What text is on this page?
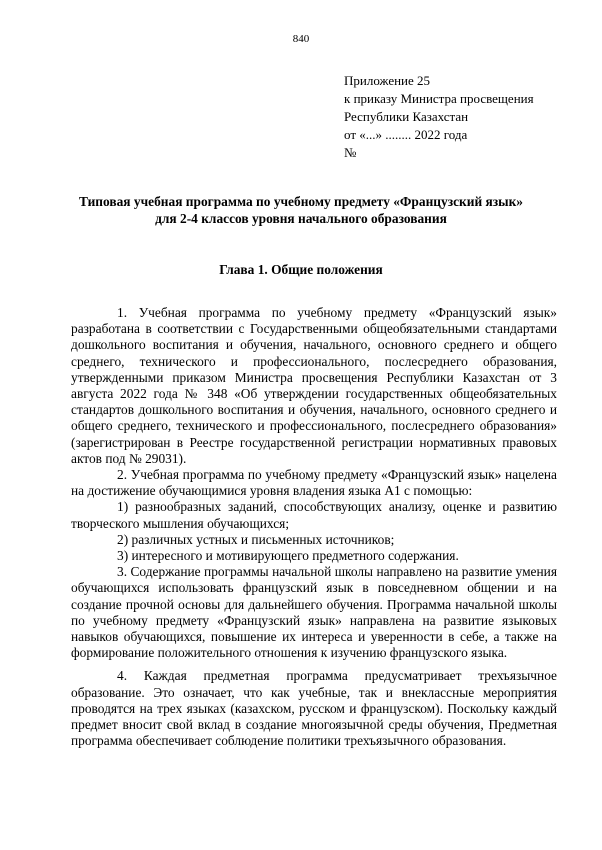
840
Приложение 25
к приказу Министра просвещения
Республики Казахстан
от «...» ........ 2022 года
№
Типовая учебная программа по учебному предмету «Французский язык»
для 2-4 классов уровня начального образования
Глава 1. Общие положения

1. Учебная программа по учебному предмету «Французский язык» разработана в соответствии с Государственными общеобязательными стандартами дошкольного воспитания и обучения, начального, основного среднего и общего среднего, технического и профессионального, послесреднего образования, утвержденными приказом Министра просвещения Республики Казахстан от 3 августа 2022 года № 348 «Об утверждении государственных общеобязательных стандартов дошкольного воспитания и обучения, начального, основного среднего и общего среднего, технического и профессионального, послесреднего образования» (зарегистрирован в Реестре государственной регистрации нормативных правовых актов под № 29031).

2. Учебная программа по учебному предмету «Французский язык» нацелена на достижение обучающимися уровня владения языка А1 с помощью:

1) разнообразных заданий, способствующих анализу, оценке и развитию творческого мышления обучающихся;

2) различных устных и письменных источников;

3) интересного и мотивирующего предметного содержания.

3. Содержание программы начальной школы направлено на развитие умения обучающихся использовать французский язык в повседневном общении и на создание прочной основы для дальнейшего обучения. Программа начальной школы по учебному предмету «Французский язык» направлена на развитие языковых навыков обучающихся, повышение их интереса и уверенности в себе, а также на формирование положительного отношения к изучению французского языка.

4. Каждая предметная программа предусматривает трехъязычное образование. Это означает, что как учебные, так и внеклассные мероприятия проводятся на трех языках (казахском, русском и французском). Поскольку каждый предмет вносит свой вклад в создание многоязычной среды обучения, Предметная программа обеспечивает соблюдение политики трехъязычного образования.
